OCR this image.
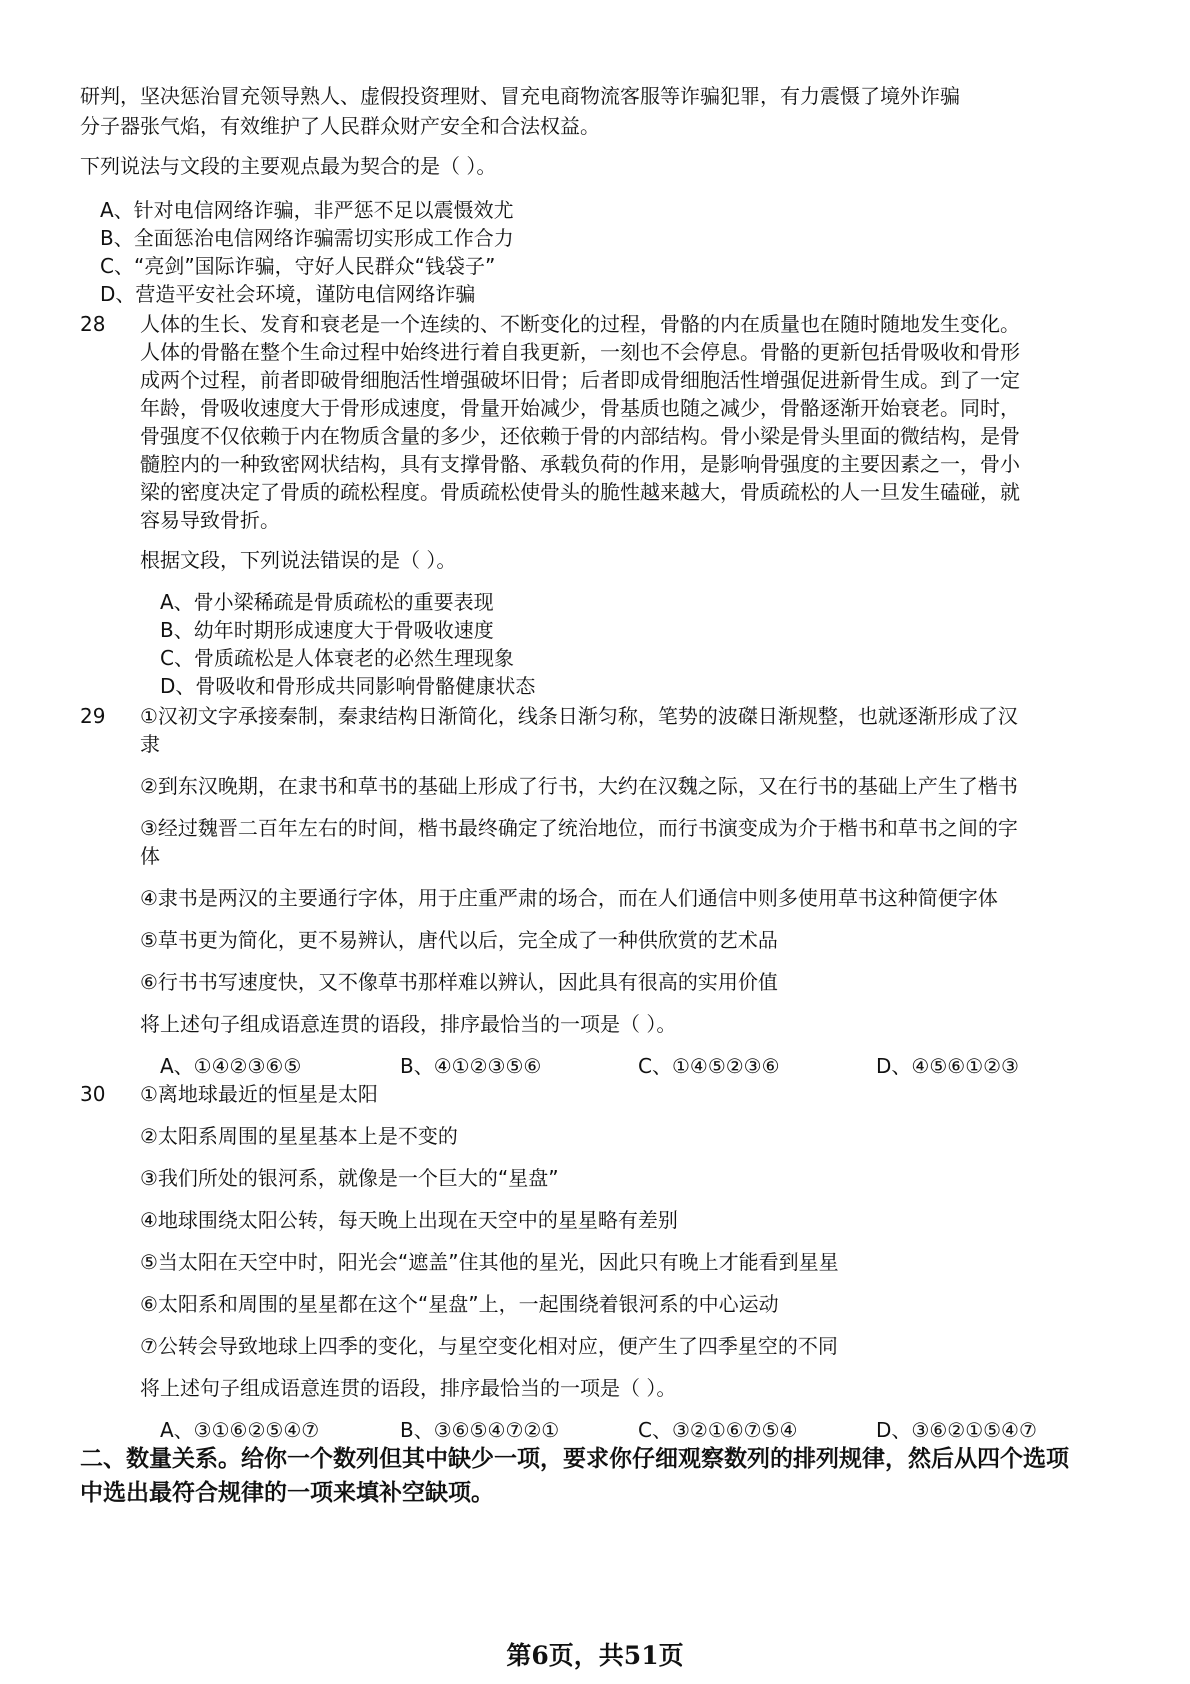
研判，坚决惩治冒充领导熟人、虚假投资理财、冒充电商物流客服等诈骗犯罪，有力震慑了境外诈骗
分子器张气焰，有效维护了人民群众财产安全和合法权益。
下列说法与文段的主要观点最为契合的是（ ）。
A、针对电信网络诈骗，非严惩不足以震慑效尤
B、全面惩治电信网络诈骗需切实形成工作合力
C、“亮剑”国际诈骗，守好人民群众“钱袋子”
D、营造平安社会环境，谨防电信网络诈骗
28 人体的生长、发育和衰老是一个连续的、不断变化的过程，骨骼的内在质量也在随时随地发生变化。
人体的骨骼在整个生命过程中始终进行着自我更新，一刻也不会停息。骨骼的更新包括骨吸收和骨形
成两个过程，前者即破骨细胞活性增强破坏旧骨；后者即成骨细胞活性增强促进新骨生成。到了一定
年龄，骨吸收速度大于骨形成速度，骨量开始减少，骨基质也随之减少，骨骼逐渐开始衰老。同时，
骨强度不仅依赖于内在物质含量的多少，还依赖于骨的内部结构。骨小梁是骨头里面的微结构，是骨
髓腔内的一种致密网状结构，具有支撑骨骼、承载负荷的作用，是影响骨强度的主要因素之一，骨小
梁的密度决定了骨质的疏松程度。骨质疏松使骨头的脆性越来越大，骨质疏松的人一旦发生磕碰，就
容易导致骨折。
根据文段，下列说法错误的是（ ）。
A、骨小梁稀疏是骨质疏松的重要表现
B、幼年时期形成速度大于骨吸收速度
C、骨质疏松是人体衰老的必然生理现象
D、骨吸收和骨形成共同影响骨骼健康状态
29 ①汉初文字承接秦制，秦隶结构日渐简化，线条日渐匀称，笔势的波磔日渐规整，也就逐渐形成了汉
隶
②到东汉晚期，在隶书和草书的基础上形成了行书，大约在汉魏之际，又在行书的基础上产生了楷书
③经过魏晋二百年左右的时间，楷书最终确定了统治地位，而行书演变成为介于楷书和草书之间的字
体
④隶书是两汉的主要通行字体，用于庄重严肃的场合，而在人们通信中则多使用草书这种简便字体
⑤草书更为简化，更不易辨认，唐代以后，完全成了一种供欣赏的艺术品
⑥行书书写速度快，又不像草书那样难以辨认，因此具有很高的实用价值
将上述句子组成语意连贯的语段，排序最恰当的一项是（ ）。
A、①④②③⑥⑤	B、④①②③⑤⑥	C、①④⑤②③⑥	D、④⑤⑥①②③
30 ①离地球最近的恒星是太阳
②太阳系周围的星星基本上是不变的
③我们所处的银河系，就像是一个巨大的“星盘”
④地球围绕太阳公转，每天晚上出现在天空中的星星略有差别
⑤当太阳在天空中时，阳光会“遮盖”住其他的星光，因此只有晚上才能看到星星
⑥太阳系和周围的星星都在这个“星盘”上，一起围绕着银河系的中心运动
⑦公转会导致地球上四季的变化，与星空变化相对应，便产生了四季星空的不同
将上述句子组成语意连贯的语段，排序最恰当的一项是（ ）。
A、③①⑥②⑤④⑦	B、③⑥⑤④⑦②①	C、③②①⑥⑦⑤④	D、③⑥②①⑤④⑦
二、数量关系。给你一个数列但其中缺少一项，要求你仔细观察数列的排列规律，然后从四个选项
中选出最符合规律的一项来填补空缺项。
第6页，共51页
